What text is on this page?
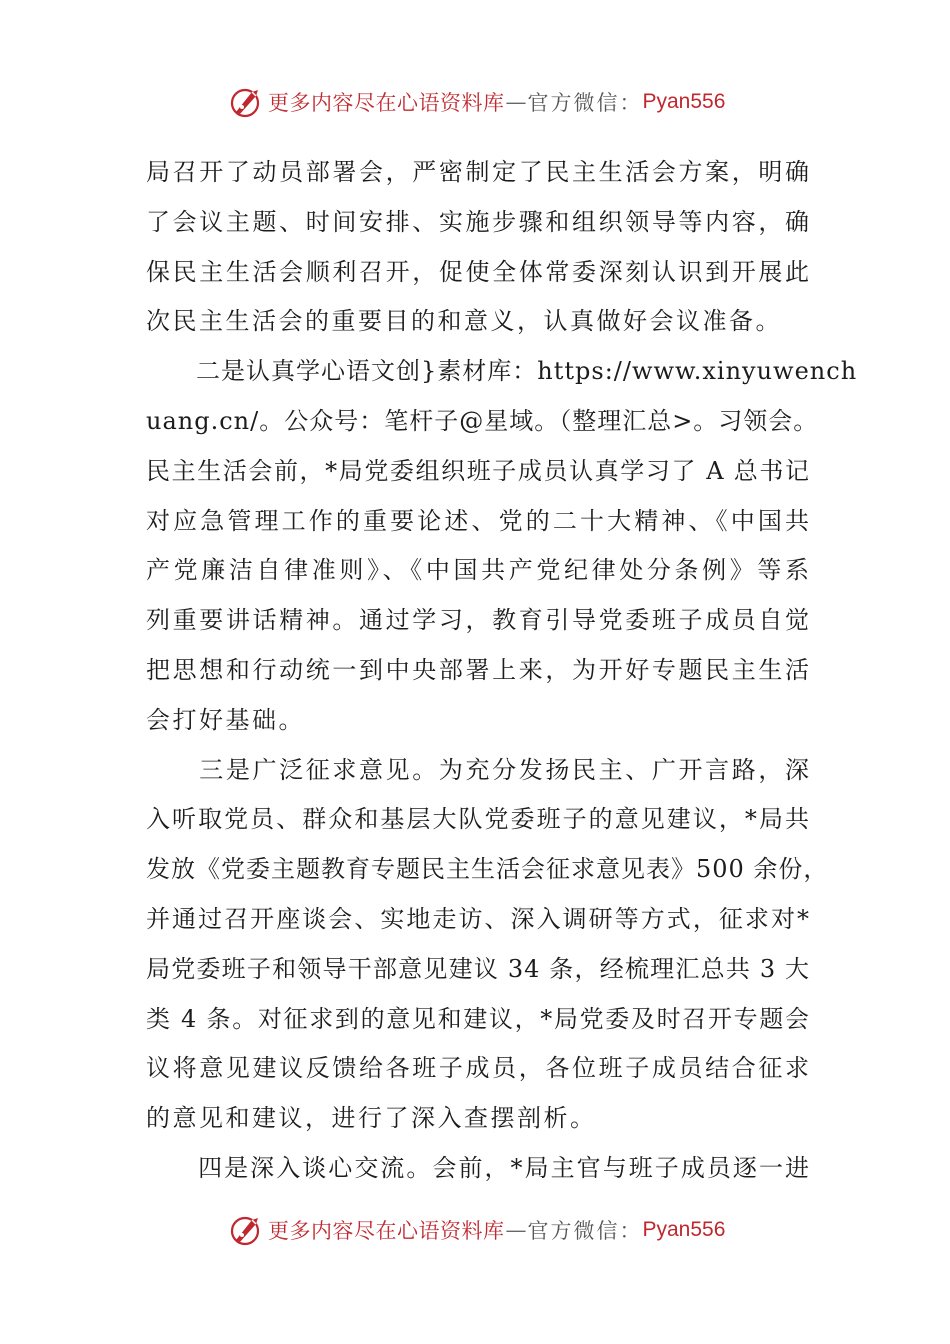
更多内容尽在心语资料库 — 官方微信： Pyan556
局召开了动员部署会，严密制定了民主生活会方案，明确
了会议主题、时间安排、实施步骤和组织领导等内容，确
保民主生活会顺利召开，促使全体常委深刻认识到开展此
次民主生活会的重要目的和意义，认真做好会议准备。
　　二是认真学心语文创}素材库：https://www.xinyuwench
uang.cn/。公众号：笔杆子@星域。（整理汇总>。习领会。
民主生活会前，*局党委组织班子成员认真学习了 A 总书记
对应急管理工作的重要论述、党的二十大精神、《中国共
产党廉洁自律准则》、《中国共产党纪律处分条例》等系
列重要讲话精神。通过学习，教育引导党委班子成员自觉
把思想和行动统一到中央部署上来，为开好专题民主生活
会打好基础。
　　三是广泛征求意见。为充分发扬民主、广开言路，深
入听取党员、群众和基层大队党委班子的意见建议，*局共
发放《党委主题教育专题民主生活会征求意见表》500 余份，
并通过召开座谈会、实地走访、深入调研等方式，征求对*
局党委班子和领导干部意见建议 34 条，经梳理汇总共 3 大
类 4 条。对征求到的意见和建议，*局党委及时召开专题会
议将意见建议反馈给各班子成员，各位班子成员结合征求
的意见和建议，进行了深入查摆剖析。
　　四是深入谈心交流。会前，*局主官与班子成员逐一进
更多内容尽在心语资料库 — 官方微信： Pyan556
